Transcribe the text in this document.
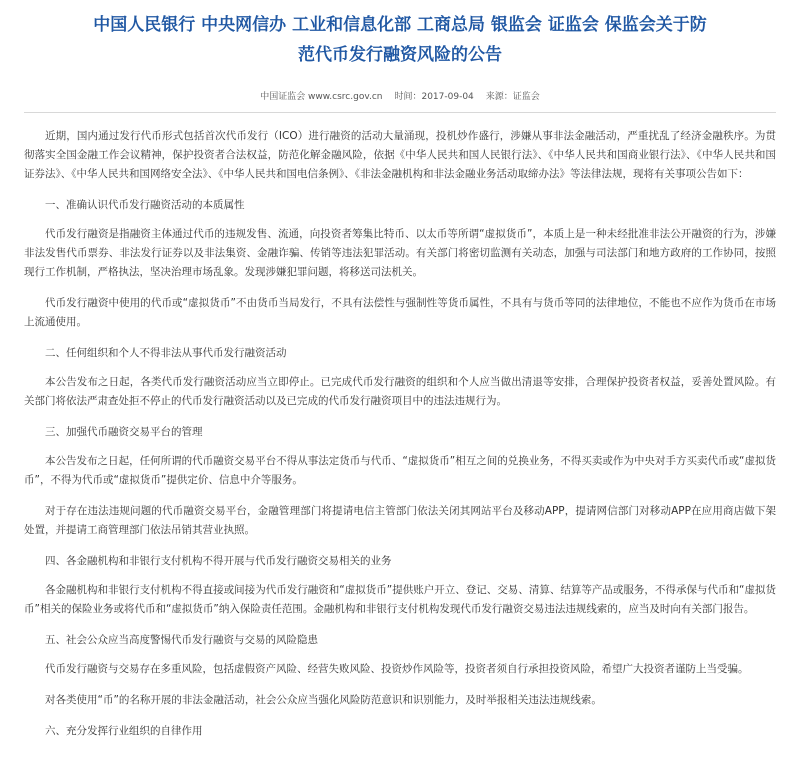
中国人民银行 中央网信办 工业和信息化部 工商总局 银监会 证监会 保监会关于防
范代币发行融资风险的公告
中国证监会 www.csrc.gov.cn 时间：2017-09-04 来源：证监会

近期，国内通过发行代币形式包括首次代币发行（ICO）进行融资的活动大量涌现，投机炒作盛行，涉嫌从事非法金融活动，严重扰乱了经济金融秩序。为贯彻落实全国金融工作会议精神，保护投资者合法权益，防范化解金融风险，依据《中华人民共和国人民银行法》、《中华人民共和国商业银行法》、《中华人民共和国证券法》、《中华人民共和国网络安全法》、《中华人民共和国电信条例》、《非法金融机构和非法金融业务活动取缔办法》等法律法规，现将有关事项公告如下：

一、准确认识代币发行融资活动的本质属性

代币发行融资是指融资主体通过代币的违规发售、流通，向投资者筹集比特币、以太币等所谓“虚拟货币”，本质上是一种未经批准非法公开融资的行为，涉嫌非法发售代币票券、非法发行证券以及非法集资、金融诈骗、传销等违法犯罪活动。有关部门将密切监测有关动态，加强与司法部门和地方政府的工作协同，按照现行工作机制，严格执法，坚决治理市场乱象。发现涉嫌犯罪问题，将移送司法机关。

代币发行融资中使用的代币或“虚拟货币”不由货币当局发行，不具有法偿性与强制性等货币属性，不具有与货币等同的法律地位，不能也不应作为货币在市场上流通使用。

二、任何组织和个人不得非法从事代币发行融资活动

本公告发布之日起，各类代币发行融资活动应当立即停止。已完成代币发行融资的组织和个人应当做出清退等安排，合理保护投资者权益，妥善处置风险。有关部门将依法严肃查处拒不停止的代币发行融资活动以及已完成的代币发行融资项目中的违法违规行为。

三、加强代币融资交易平台的管理

本公告发布之日起，任何所谓的代币融资交易平台不得从事法定货币与代币、“虚拟货币”相互之间的兑换业务，不得买卖或作为中央对手方买卖代币或“虚拟货币”，不得为代币或“虚拟货币”提供定价、信息中介等服务。

对于存在违法违规问题的代币融资交易平台，金融管理部门将提请电信主管部门依法关闭其网站平台及移动APP，提请网信部门对移动APP在应用商店做下架处置，并提请工商管理部门依法吊销其营业执照。

四、各金融机构和非银行支付机构不得开展与代币发行融资交易相关的业务

各金融机构和非银行支付机构不得直接或间接为代币发行融资和“虚拟货币”提供账户开立、登记、交易、清算、结算等产品或服务，不得承保与代币和“虚拟货币”相关的保险业务或将代币和“虚拟货币”纳入保险责任范围。金融机构和非银行支付机构发现代币发行融资交易违法违规线索的，应当及时向有关部门报告。

五、社会公众应当高度警惕代币发行融资与交易的风险隐患

代币发行融资与交易存在多重风险，包括虚假资产风险、经营失败风险、投资炒作风险等，投资者须自行承担投资风险，希望广大投资者谨防上当受骗。

对各类使用“币”的名称开展的非法金融活动，社会公众应当强化风险防范意识和识别能力，及时举报相关违法违规线索。

六、充分发挥行业组织的自律作用
